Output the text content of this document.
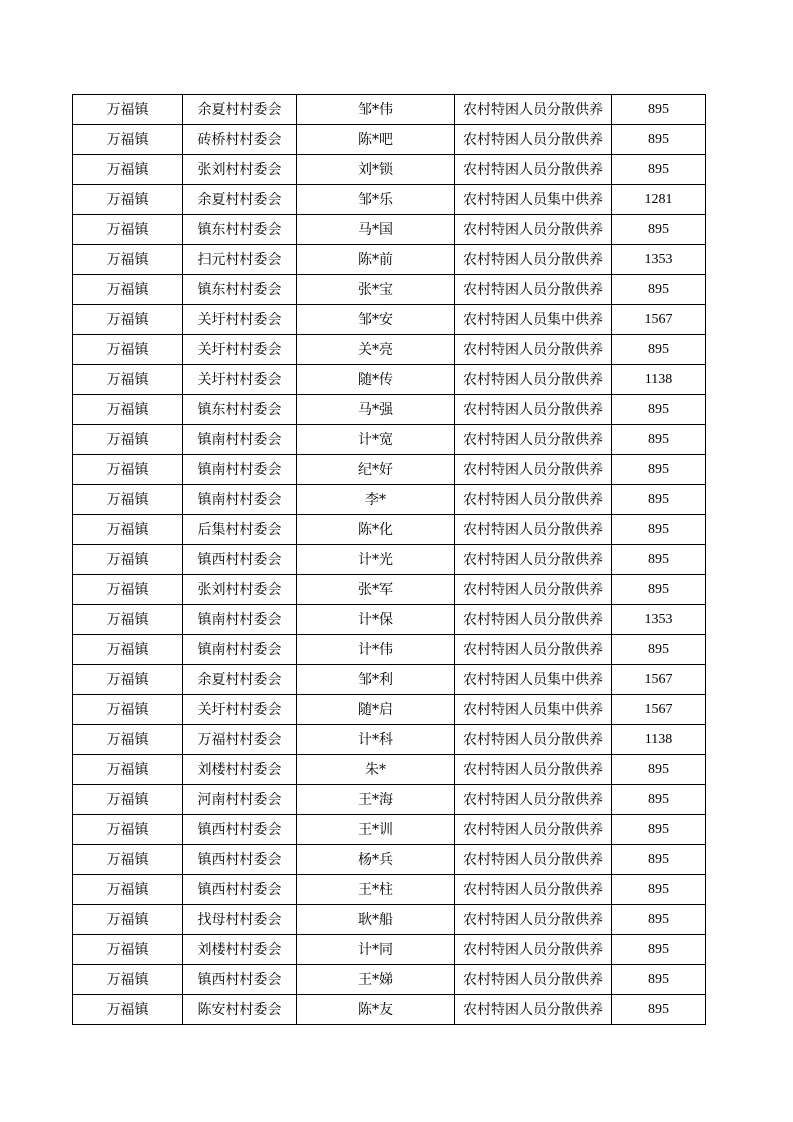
万福镇	余夏村村委会	邹*伟	农村特困人员分散供养	895
万福镇	砖桥村村委会	陈*吧	农村特困人员分散供养	895
万福镇	张刘村村委会	刘*锁	农村特困人员分散供养	895
万福镇	余夏村村委会	邹*乐	农村特困人员集中供养	1281
万福镇	镇东村村委会	马*国	农村特困人员分散供养	895
万福镇	扫元村村委会	陈*前	农村特困人员分散供养	1353
万福镇	镇东村村委会	张*宝	农村特困人员分散供养	895
万福镇	关圩村村委会	邹*安	农村特困人员集中供养	1567
万福镇	关圩村村委会	关*亮	农村特困人员分散供养	895
万福镇	关圩村村委会	随*传	农村特困人员分散供养	1138
万福镇	镇东村村委会	马*强	农村特困人员分散供养	895
万福镇	镇南村村委会	计*宽	农村特困人员分散供养	895
万福镇	镇南村村委会	纪*好	农村特困人员分散供养	895
万福镇	镇南村村委会	李*	农村特困人员分散供养	895
万福镇	后集村村委会	陈*化	农村特困人员分散供养	895
万福镇	镇西村村委会	计*光	农村特困人员分散供养	895
万福镇	张刘村村委会	张*军	农村特困人员分散供养	895
万福镇	镇南村村委会	计*保	农村特困人员分散供养	1353
万福镇	镇南村村委会	计*伟	农村特困人员分散供养	895
万福镇	余夏村村委会	邹*利	农村特困人员集中供养	1567
万福镇	关圩村村委会	随*启	农村特困人员集中供养	1567
万福镇	万福村村委会	计*科	农村特困人员分散供养	1138
万福镇	刘楼村村委会	朱*	农村特困人员分散供养	895
万福镇	河南村村委会	王*海	农村特困人员分散供养	895
万福镇	镇西村村委会	王*训	农村特困人员分散供养	895
万福镇	镇西村村委会	杨*兵	农村特困人员分散供养	895
万福镇	镇西村村委会	王*柱	农村特困人员分散供养	895
万福镇	找母村村委会	耿*船	农村特困人员分散供养	895
万福镇	刘楼村村委会	计*同	农村特困人员分散供养	895
万福镇	镇西村村委会	王*娣	农村特困人员分散供养	895
万福镇	陈安村村委会	陈*友	农村特困人员分散供养	895
